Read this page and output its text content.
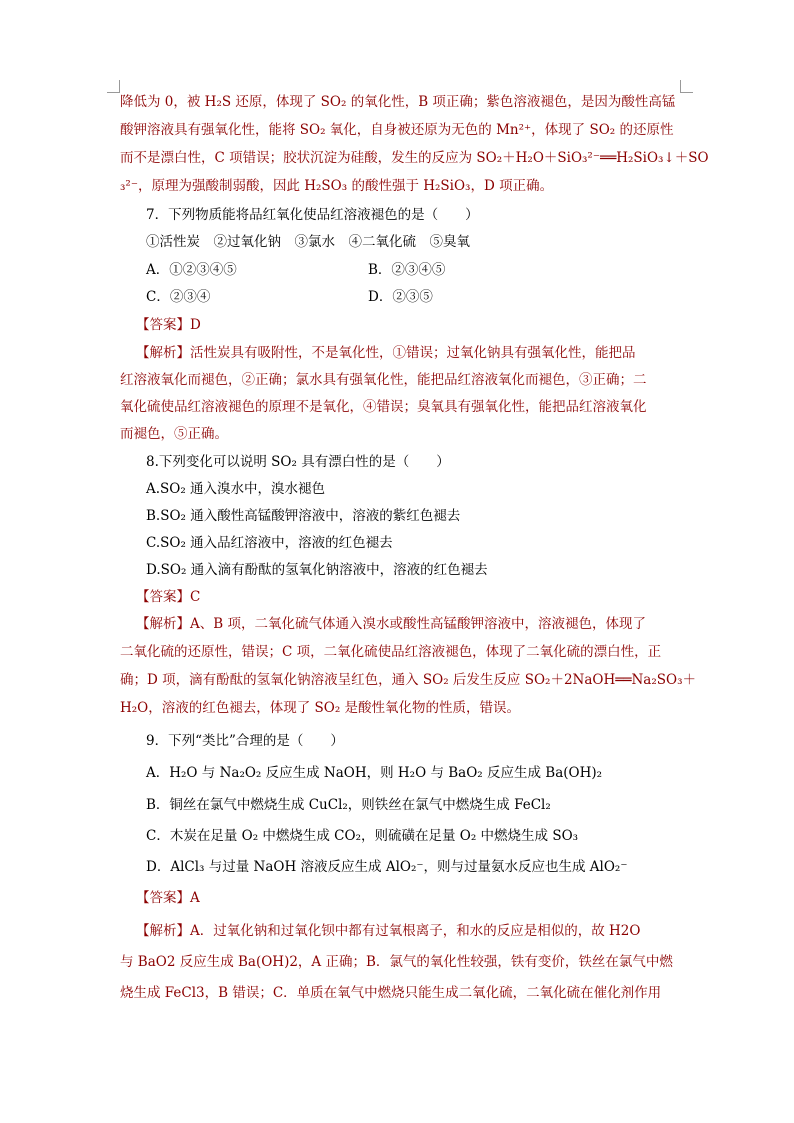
降低为 0，被 H₂S 还原，体现了 SO₂ 的氧化性，B 项正确；紫色溶液褪色，是因为酸性高锰
酸钾溶液具有强氧化性，能将 SO₂ 氧化，自身被还原为无色的 Mn²⁺，体现了 SO₂ 的还原性
而不是漂白性，C 项错误；胶状沉淀为硅酸，发生的反应为 SO₂＋H₂O＋SiO₃²⁻══H₂SiO₃↓＋SO
₃²⁻，原理为强酸制弱酸，因此 H₂SO₃ 的酸性强于 H₂SiO₃，D 项正确。
7．下列物质能将品红氧化使品红溶液褪色的是（　　）
①活性炭　②过氧化钠　③氯水　④二氧化硫　⑤臭氧
A．①②③④⑤	B．②③④⑤
C．②③④	D．②③⑤
【答案】D
【解析】活性炭具有吸附性，不是氧化性，①错误；过氧化钠具有强氧化性，能把品
红溶液氧化而褪色，②正确；氯水具有强氧化性，能把品红溶液氧化而褪色，③正确；二
氧化硫使品红溶液褪色的原理不是氧化，④错误；臭氧具有强氧化性，能把品红溶液氧化
而褪色，⑤正确。
8.下列变化可以说明 SO₂ 具有漂白性的是（　　）
A.SO₂ 通入溴水中，溴水褪色
B.SO₂ 通入酸性高锰酸钾溶液中，溶液的紫红色褪去
C.SO₂ 通入品红溶液中，溶液的红色褪去
D.SO₂ 通入滴有酚酞的氢氧化钠溶液中，溶液的红色褪去
【答案】C
【解析】A、B 项，二氧化硫气体通入溴水或酸性高锰酸钾溶液中，溶液褪色，体现了
二氧化硫的还原性，错误；C 项，二氧化硫使品红溶液褪色，体现了二氧化硫的漂白性，正
确；D 项，滴有酚酞的氢氧化钠溶液呈红色，通入 SO₂ 后发生反应 SO₂＋2NaOH══Na₂SO₃＋
H₂O，溶液的红色褪去，体现了 SO₂ 是酸性氧化物的性质，错误。
9．下列“类比”合理的是（　　）
A．H₂O 与 Na₂O₂ 反应生成 NaOH，则 H₂O 与 BaO₂ 反应生成 Ba(OH)₂
B．铜丝在氯气中燃烧生成 CuCl₂，则铁丝在氯气中燃烧生成 FeCl₂
C．木炭在足量 O₂ 中燃烧生成 CO₂，则硫磺在足量 O₂ 中燃烧生成 SO₃
D．AlCl₃ 与过量 NaOH 溶液反应生成 AlO₂⁻，则与过量氨水反应也生成 AlO₂⁻
【答案】A
【解析】A．过氧化钠和过氧化钡中都有过氧根离子，和水的反应是相似的，故 H2O
与 BaO2 反应生成 Ba(OH)2，A 正确；B．氯气的氧化性较强，铁有变价，铁丝在氯气中燃
烧生成 FeCl3，B 错误；C．单质在氧气中燃烧只能生成二氧化硫，二氧化硫在催化剂作用
